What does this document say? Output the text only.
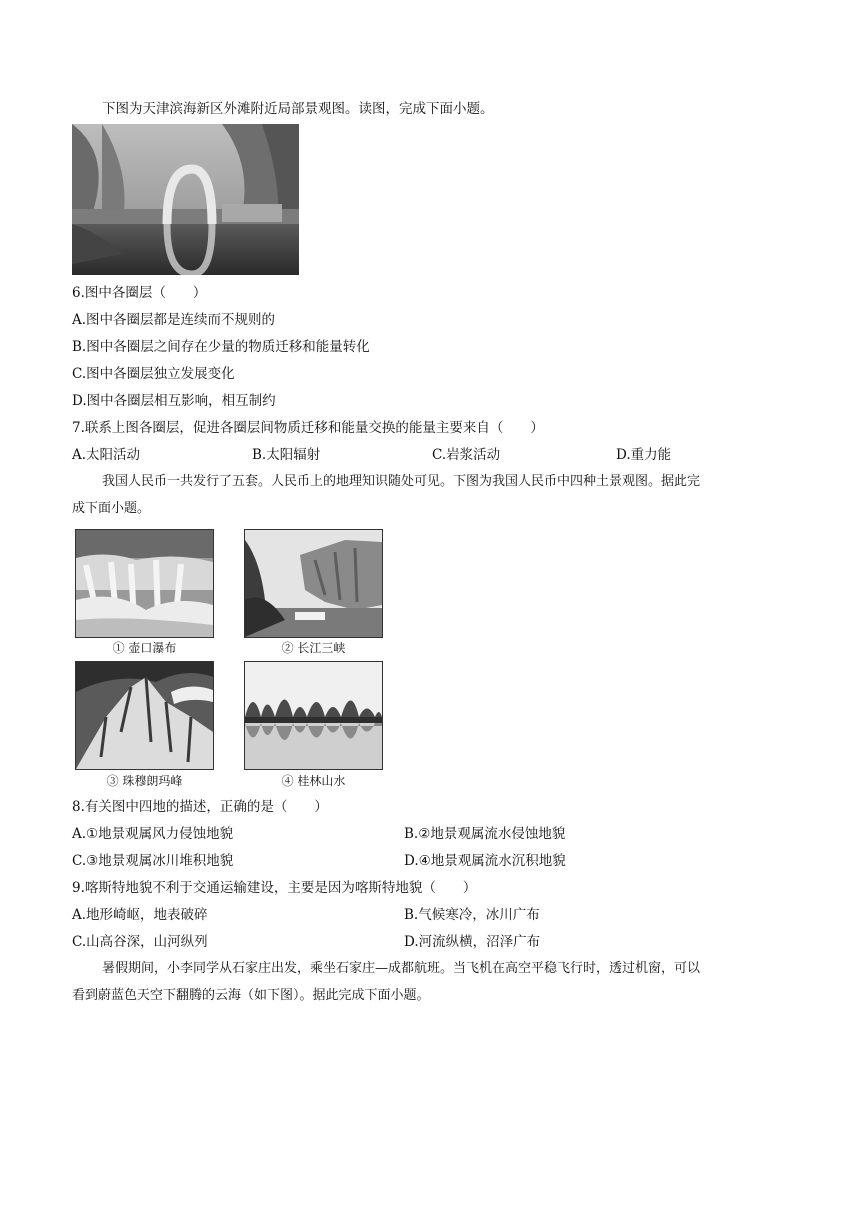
下图为天津滨海新区外滩附近局部景观图。读图，完成下面小题。
6.图中各圈层（　　）
A.图中各圈层都是连续而不规则的
B.图中各圈层之间存在少量的物质迁移和能量转化
C.图中各圈层独立发展变化
D.图中各圈层相互影响，相互制约
7.联系上图各圈层，促进各圈层间物质迁移和能量交换的能量主要来自（　　）
A.太阳活动	B.太阳辐射	C.岩浆活动	D.重力能
我国人民币一共发行了五套。人民币上的地理知识随处可见。下图为我国人民币中四种土景观图。据此完
成下面小题。
① 壶口瀑布	② 长江三峡
③ 珠穆朗玛峰	④ 桂林山水
8.有关图中四地的描述，正确的是（　　）
A.①地景观属风力侵蚀地貌	B.②地景观属流水侵蚀地貌
C.③地景观属冰川堆积地貌	D.④地景观属流水沉积地貌
9.喀斯特地貌不利于交通运输建设，主要是因为喀斯特地貌（　　）
A.地形崎岖，地表破碎	B.气候寒冷，冰川广布
C.山高谷深，山河纵列	D.河流纵横，沼泽广布
暑假期间，小李同学从石家庄出发，乘坐石家庄—成都航班。当飞机在高空平稳飞行时，透过机窗，可以
看到蔚蓝色天空下翻腾的云海（如下图）。据此完成下面小题。
